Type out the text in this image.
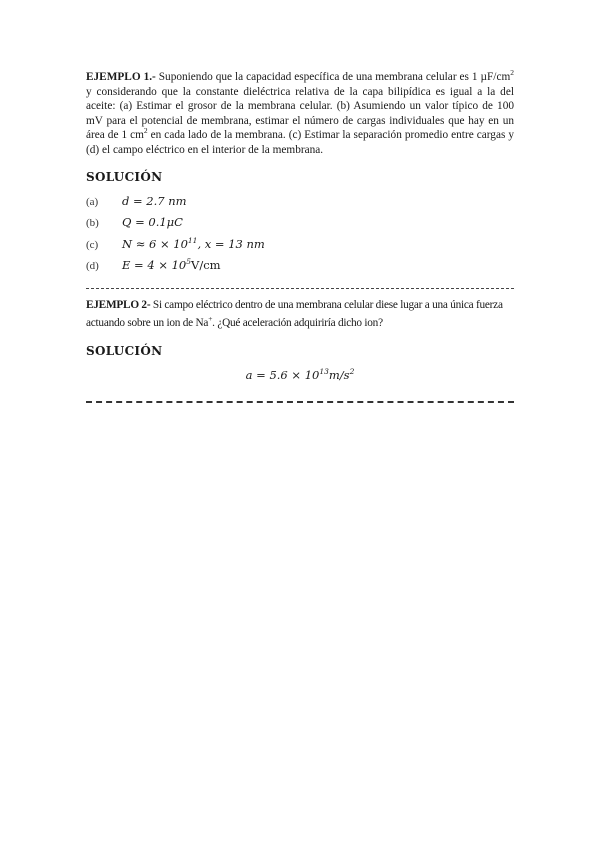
EJEMPLO 1.- Suponiendo que la capacidad específica de una membrana celular es 1 $\mu F/cm^2$ y considerando que la constante dieléctrica relativa de la capa bilipídica es igual a la del aceite: (a) Estimar el grosor de la membrana celular. (b) Asumiendo un valor típico de 100 mV para el potencial de membrana, estimar el número de cargas individuales que hay en un área de 1 $cm^2$ en cada lado de la membrana. (c) Estimar la separación promedio entre cargas y (d) el campo eléctrico en el interior de la membrana.

SOLUCIÓN
(a)	d = 2.7 nm
(b)	Q = 0.1μC
(c)	$N \approx 6 \times 10^{11}$, x = 13 nm
(d)	$E = 4 \times 10^5V/cm$

EJEMPLO 2- Si campo eléctrico dentro de una membrana celular diese lugar a una única fuerza actuando sobre un ion de Na+. ¿Qué aceleración adquiriría dicho ion?

SOLUCIÓN
$a = 5.6 \times 10^{13}m/s^2$
